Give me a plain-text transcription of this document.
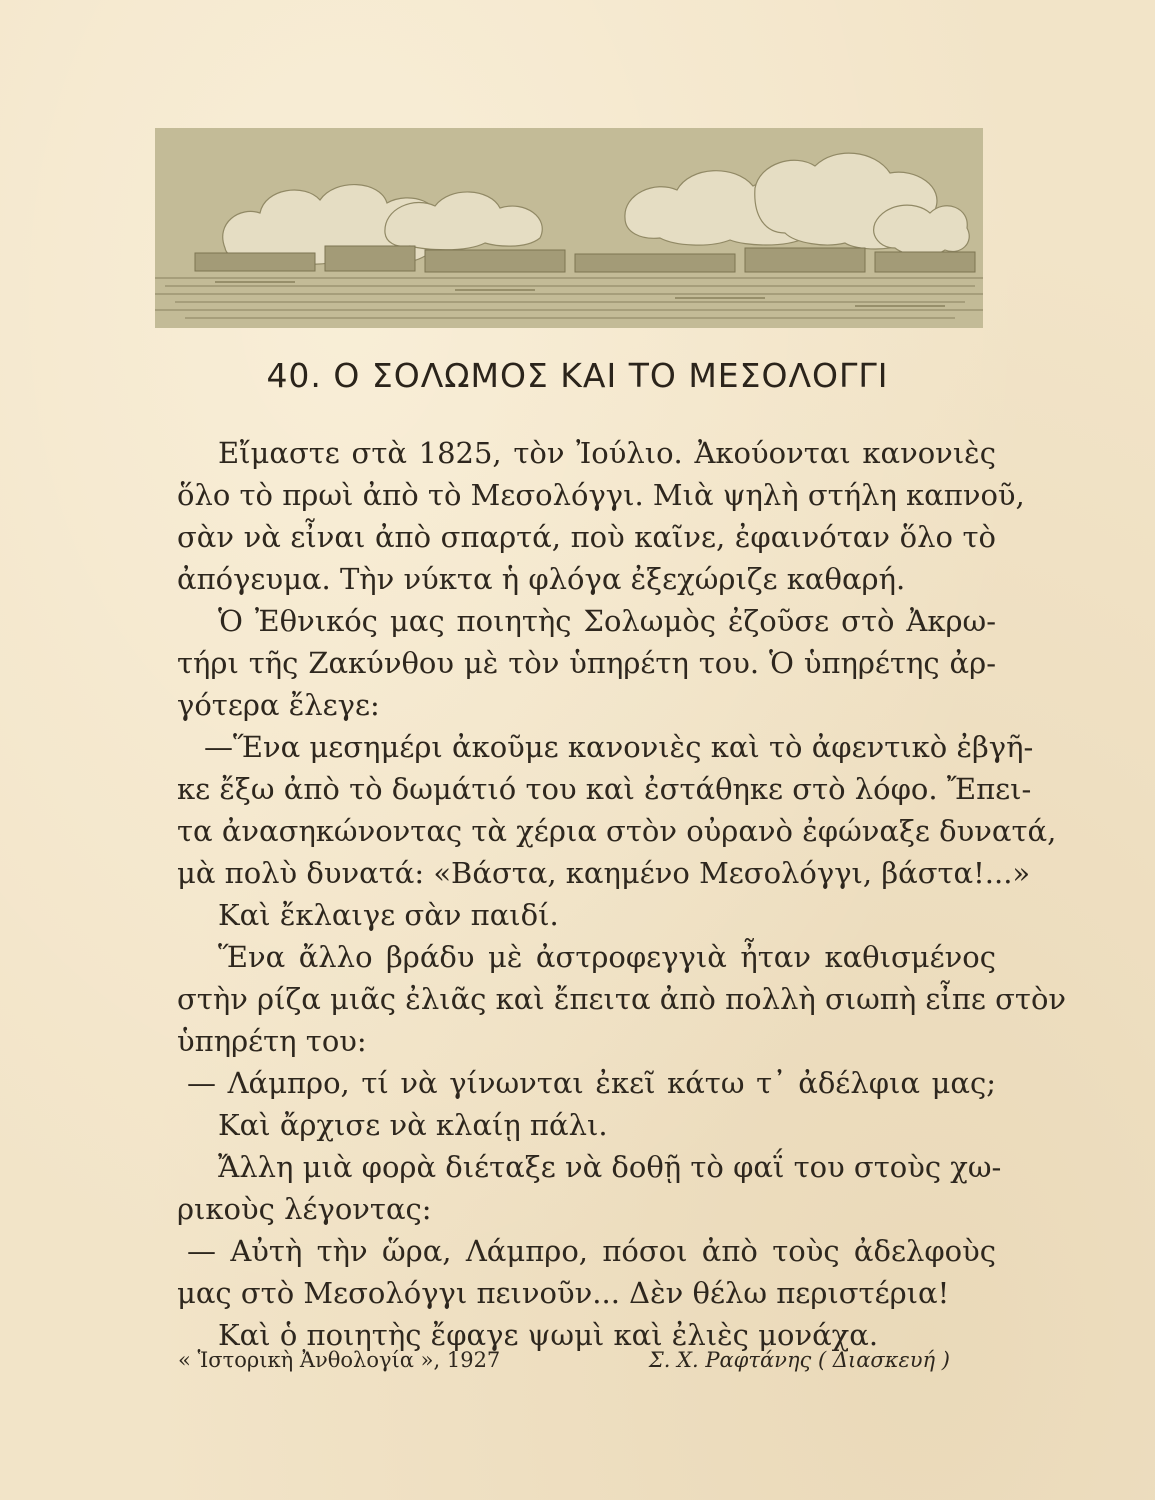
40. Ο ΣΟΛΩΜΟΣ ΚΑΙ ΤΟ ΜΕΣΟΛΟΓΓΙ
Εἴμαστε στὰ 1825, τὸν Ἰούλιο. Ἀκούονται κανονιὲς
ὅλο τὸ πρωὶ ἀπὸ τὸ Μεσολόγγι. Μιὰ ψηλὴ στήλη καπνοῦ,
σὰν νὰ εἶναι ἀπὸ σπαρτά, ποὺ καῖνε, ἐφαινόταν ὅλο τὸ
ἀπόγευμα. Τὴν νύκτα ἡ φλόγα ἐξεχώριζε καθαρή.
Ὁ Ἐθνικός μας ποιητὴς Σολωμὸς ἐζοῦσε στὸ Ἀκρω-
τήρι τῆς Ζακύνθου μὲ τὸν ὑπηρέτη του. Ὁ ὑπηρέτης ἀρ-
γότερα ἔλεγε:
—Ἕνα μεσημέρι ἀκοῦμε κανονιὲς καὶ τὸ ἀφεντικὸ ἐβγῆ-
κε ἔξω ἀπὸ τὸ δωμάτιό του καὶ ἐστάθηκε στὸ λόφο. Ἔπει-
τα ἀνασηκώνοντας τὰ χέρια στὸν οὐρανὸ ἐφώναξε δυνατά,
μὰ πολὺ δυνατά: «Βάστα, καημένο Μεσολόγγι, βάστα!...»
Καὶ ἔκλαιγε σὰν παιδί.
Ἕνα ἄλλο βράδυ μὲ ἀστροφεγγιὰ ἦταν καθισμένος
στὴν ρίζα μιᾶς ἐλιᾶς καὶ ἔπειτα ἀπὸ πολλὴ σιωπὴ εἶπε στὸν
ὑπηρέτη του:
— Λάμπρο, τί νὰ γίνωνται ἐκεῖ κάτω τ᾽ ἀδέλφια μας;
Καὶ ἄρχισε νὰ κλαίῃ πάλι.
Ἄλλη μιὰ φορὰ διέταξε νὰ δοθῇ τὸ φαΐ του στοὺς χω-
ρικοὺς λέγοντας:
— Αὐτὴ τὴν ὥρα, Λάμπρο, πόσοι ἀπὸ τοὺς ἀδελφοὺς
μας στὸ Μεσολόγγι πεινοῦν... Δὲν θέλω περιστέρια!
Καὶ ὁ ποιητὴς ἔφαγε ψωμὶ καὶ ἐλιὲς μονάχα.
« Ἱστορικὴ Ἀνθολογία », 1927	Σ. Χ. Ραφτάνης ( Διασκευή )
